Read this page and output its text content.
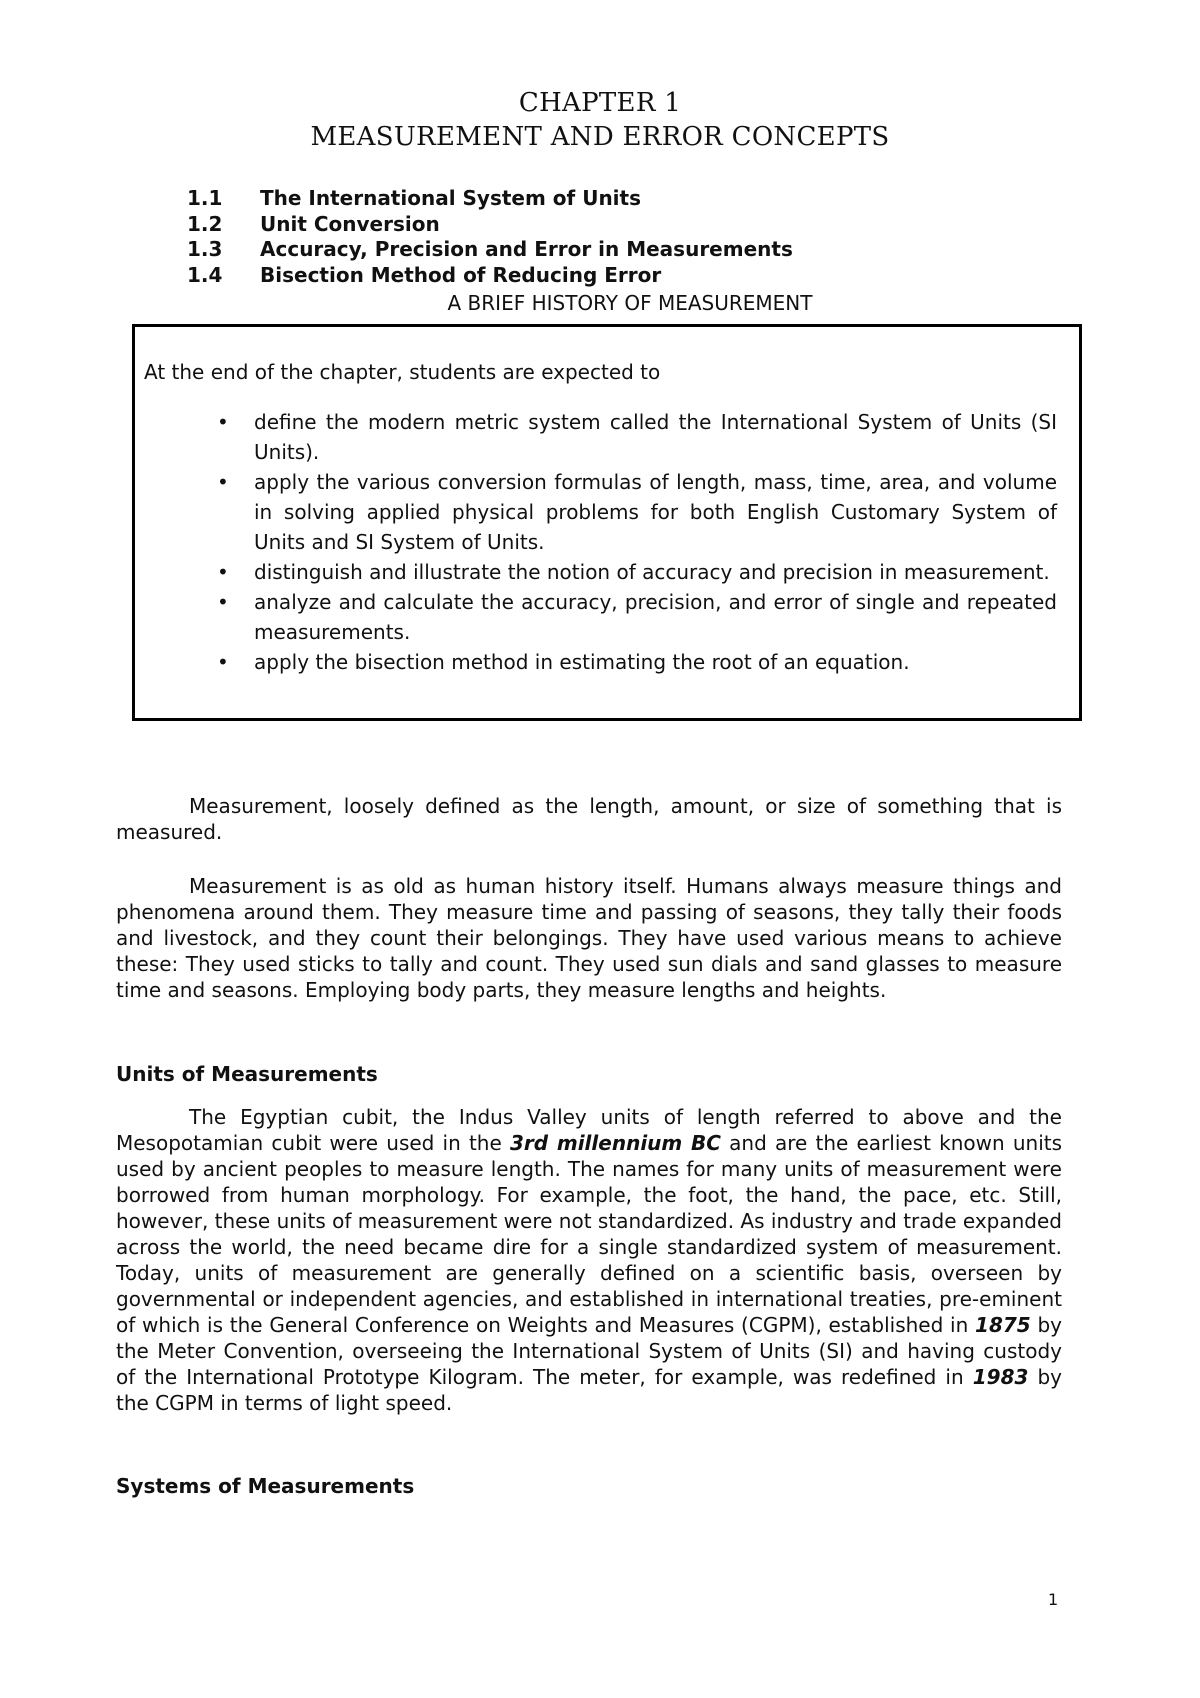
CHAPTER 1
MEASUREMENT AND ERROR CONCEPTS
1.1 The International System of Units
1.2 Unit Conversion
1.3 Accuracy, Precision and Error in Measurements
1.4 Bisection Method of Reducing Error
A BRIEF HISTORY OF MEASUREMENT
At the end of the chapter, students are expected to
• define the modern metric system called the International System of Units (SI Units).
• apply the various conversion formulas of length, mass, time, area, and volume in solving applied physical problems for both English Customary System of Units and SI System of Units.
• distinguish and illustrate the notion of accuracy and precision in measurement.
• analyze and calculate the accuracy, precision, and error of single and repeated measurements.
• apply the bisection method in estimating the root of an equation.

Measurement, loosely defined as the length, amount, or size of something that is measured.

Measurement is as old as human history itself. Humans always measure things and phenomena around them. They measure time and passing of seasons, they tally their foods and livestock, and they count their belongings. They have used various means to achieve these: They used sticks to tally and count. They used sun dials and sand glasses to measure time and seasons. Employing body parts, they measure lengths and heights.

Units of Measurements

The Egyptian cubit, the Indus Valley units of length referred to above and the Mesopotamian cubit were used in the 3rd millennium BC and are the earliest known units used by ancient peoples to measure length. The names for many units of measurement were borrowed from human morphology. For example, the foot, the hand, the pace, etc. Still, however, these units of measurement were not standardized. As industry and trade expanded across the world, the need became dire for a single standardized system of measurement. Today, units of measurement are generally defined on a scientific basis, overseen by governmental or independent agencies, and established in international treaties, pre-eminent of which is the General Conference on Weights and Measures (CGPM), established in 1875 by the Meter Convention, overseeing the International System of Units (SI) and having custody of the International Prototype Kilogram. The meter, for example, was redefined in 1983 by the CGPM in terms of light speed.

Systems of Measurements
1
